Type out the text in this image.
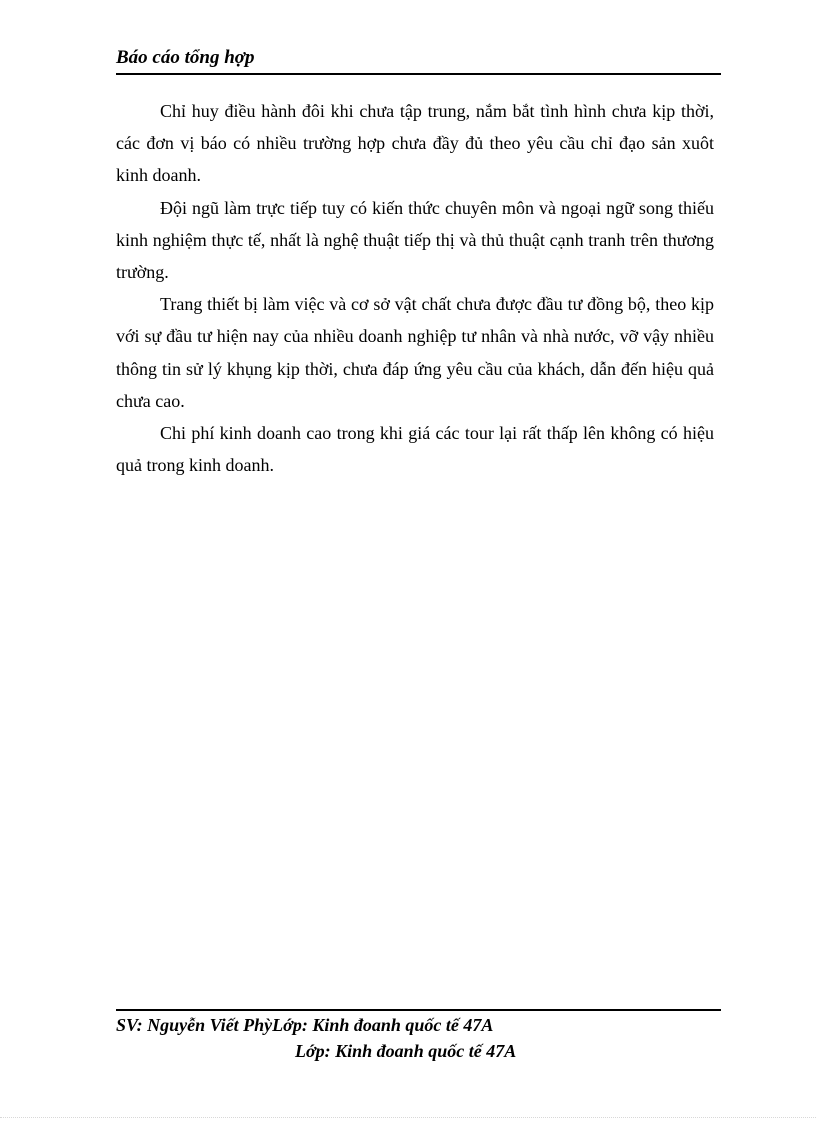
Báo cáo tổng hợp

Chỉ huy điều hành đôi khi chưa tập trung, nắm bắt tình hình chưa kịp thời, các đơn vị báo có nhiều trường hợp chưa đầy đủ theo yêu cầu chỉ đạo sản xuôt kinh doanh.

Đội ngũ làm trực tiếp tuy có kiến thức chuyên môn và ngoại ngữ song thiếu kinh nghiệm thực tế, nhất là nghệ thuật tiếp thị và thủ thuật cạnh tranh trên thương trường.

Trang thiết bị làm việc và cơ sở vật chất chưa được đầu tư đồng bộ, theo kịp với sự đầu tư hiện nay của nhiều doanh nghiệp tư nhân và nhà nước, vỡ vậy nhiều thông tin sử lý khụng kịp thời, chưa đáp ứng yêu cầu của khách, dẫn đến hiệu quả chưa cao.

Chi phí kinh doanh cao trong khi giá các tour lại rất thấp lên không có hiệu quả trong kinh doanh.

SV: Nguyễn Viết PhỳLớp: Kinh đoanh quốc tế 47A
Lớp: Kinh đoanh quốc tế 47A
